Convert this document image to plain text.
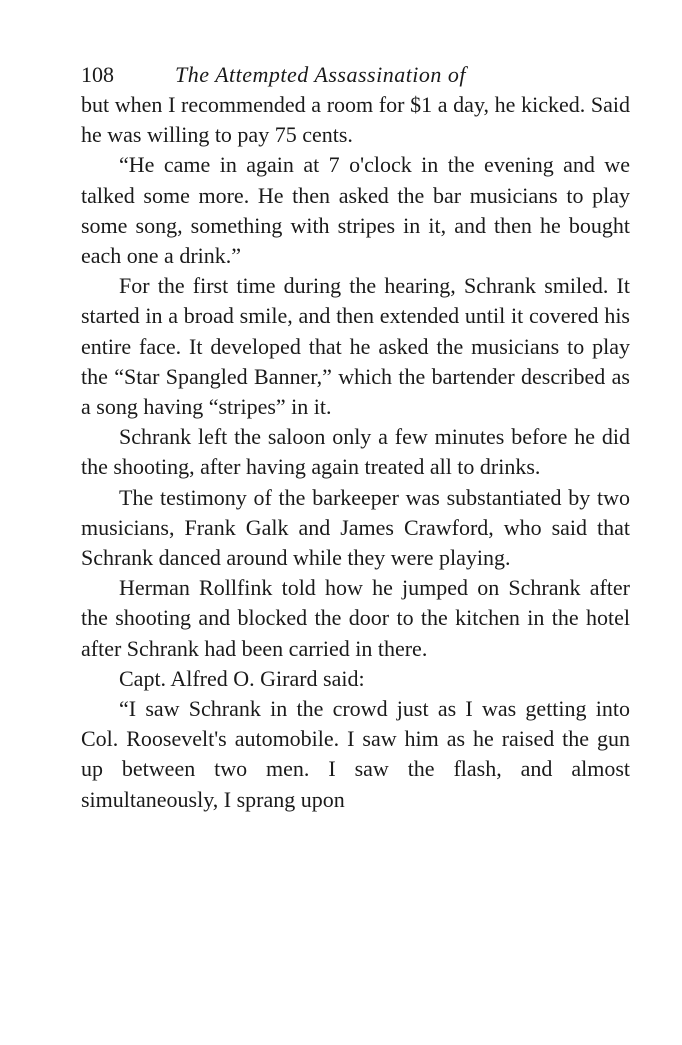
108	The Attempted Assassination of

but when I recommended a room for $1 a day, he kicked. Said he was willing to pay 75 cents.

“He came in again at 7 o'clock in the evening and we talked some more. He then asked the bar musicians to play some song, something with stripes in it, and then he bought each one a drink.”

For the first time during the hearing, Schrank smiled. It started in a broad smile, and then extended until it covered his entire face. It developed that he asked the musicians to play the “Star Spangled Banner,” which the bartender described as a song having “stripes” in it.

Schrank left the saloon only a few minutes before he did the shooting, after having again treated all to drinks.

The testimony of the barkeeper was substantiated by two musicians, Frank Galk and James Crawford, who said that Schrank danced around while they were playing.

Herman Rollfink told how he jumped on Schrank after the shooting and blocked the door to the kitchen in the hotel after Schrank had been carried in there.

Capt. Alfred O. Girard said:

“I saw Schrank in the crowd just as I was getting into Col. Roosevelt's automobile. I saw him as he raised the gun up between two men. I saw the flash, and almost simultaneously, I sprang upon
